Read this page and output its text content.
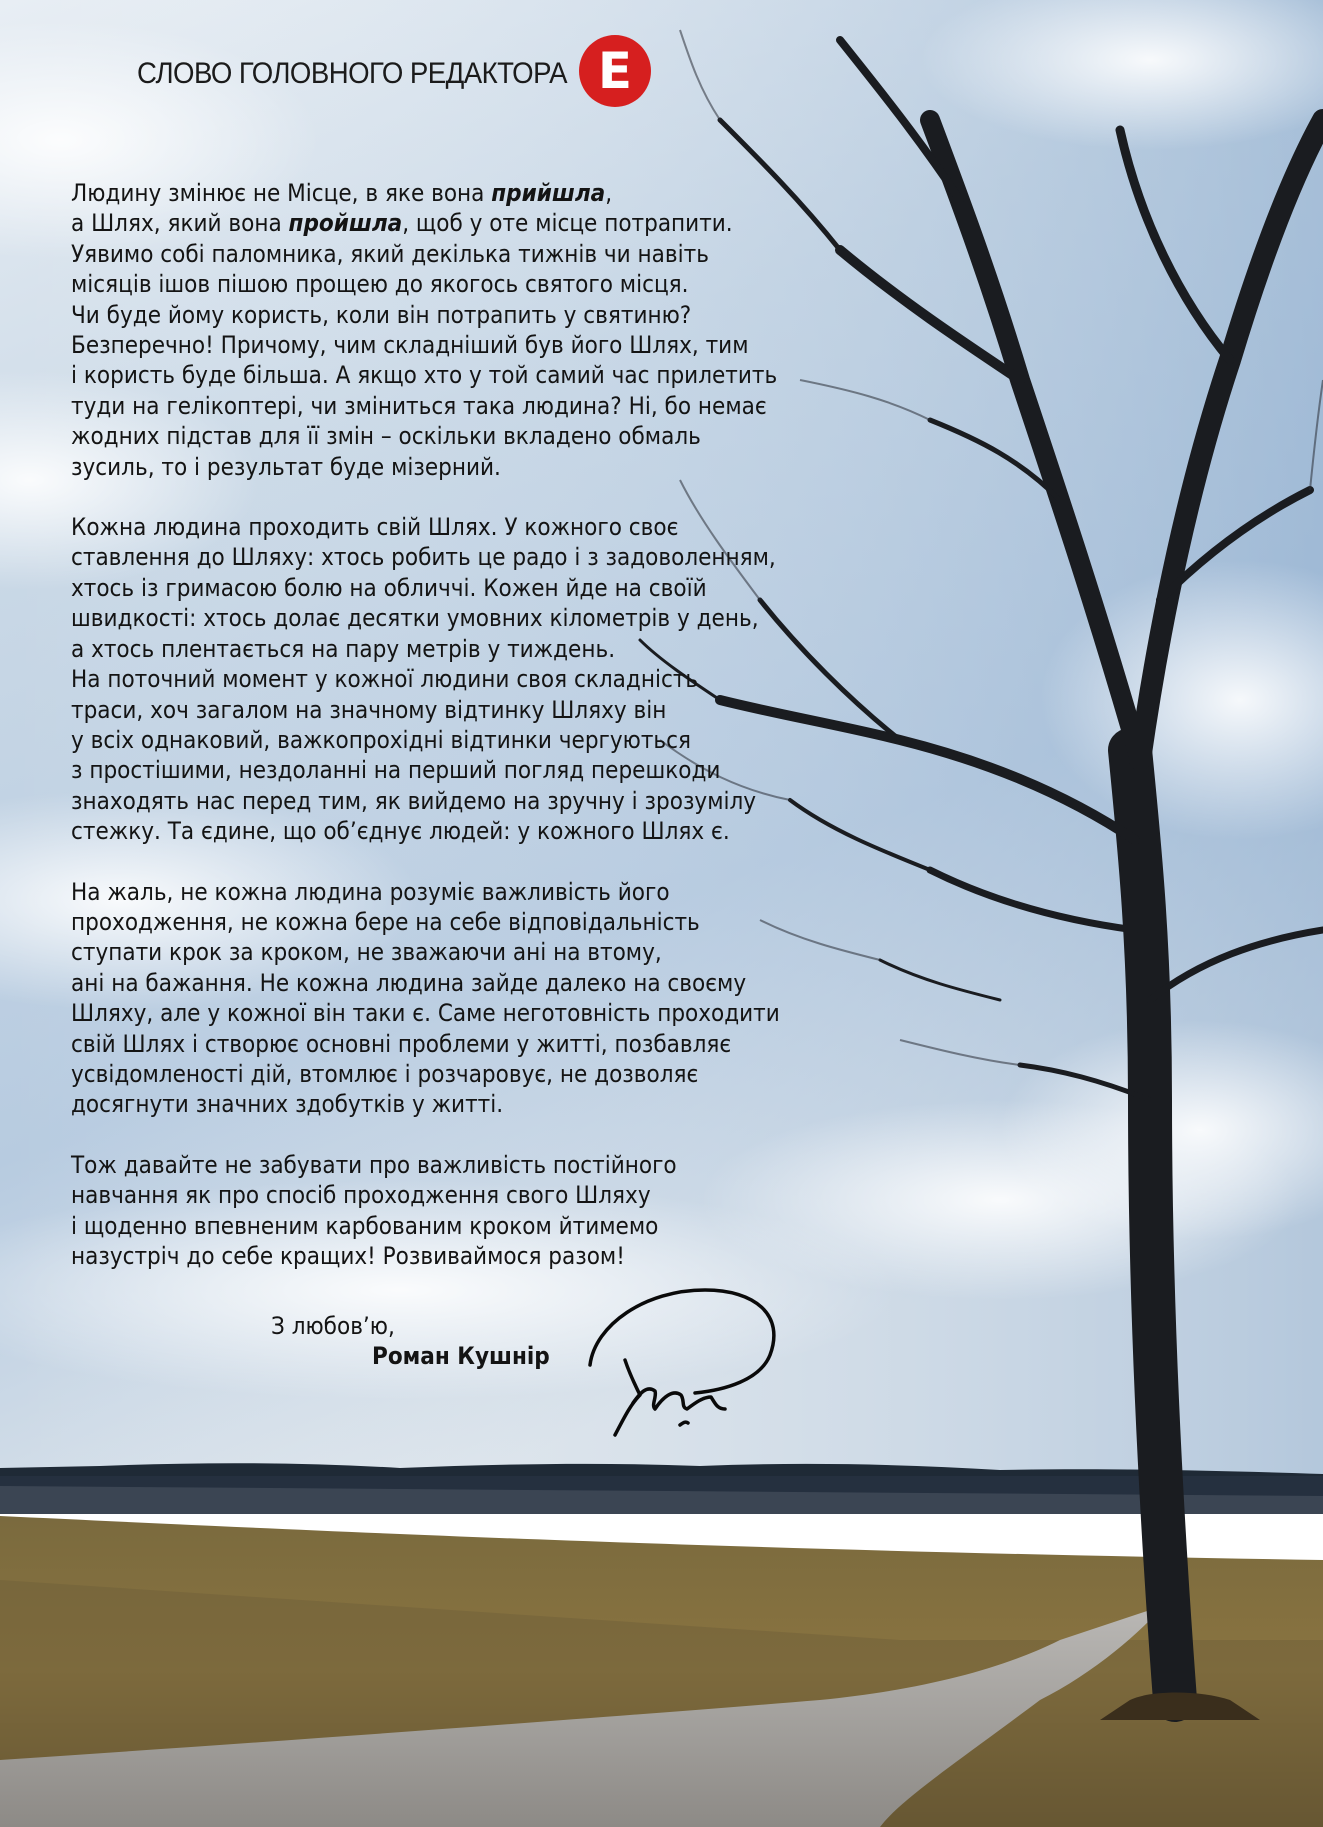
СЛОВО ГОЛОВНОГО РЕДАКТОРА Е
Людину змінює не Місце, в яке вона прийшла,
а Шлях, який вона пройшла, щоб у оте місце потрапити.
Уявимо собі паломника, який декілька тижнів чи навіть
місяців ішов пішою прощею до якогось святого місця.
Чи буде йому користь, коли він потрапить у святиню?
Безперечно! Причому, чим складніший був його Шлях, тим
і користь буде більша. А якщо хто у той самий час прилетить
туди на гелікоптері, чи зміниться така людина? Ні, бо немає
жодних підстав для її змін – оскільки вкладено обмаль
зусиль, то і результат буде мізерний.
Кожна людина проходить свій Шлях. У кожного своє
ставлення до Шляху: хтось робить це радо і з задоволенням,
хтось із гримасою болю на обличчі. Кожен йде на своїй
швидкості: хтось долає десятки умовних кілометрів у день,
а хтось плентається на пару метрів у тиждень.
На поточний момент у кожної людини своя складність
траси, хоч загалом на значному відтинку Шляху він
у всіх однаковий, важкопрохідні відтинки чергуються
з простішими, нездоланні на перший погляд перешкоди
знаходять нас перед тим, як вийдемо на зручну і зрозумілу
стежку. Та єдине, що об’єднує людей: у кожного Шлях є.
На жаль, не кожна людина розуміє важливість його
проходження, не кожна бере на себе відповідальність
ступати крок за кроком, не зважаючи ані на втому,
ані на бажання. Не кожна людина зайде далеко на своєму
Шляху, але у кожної він таки є. Саме неготовність проходити
свій Шлях і створює основні проблеми у житті, позбавляє
усвідомленості дій, втомлює і розчаровує, не дозволяє
досягнути значних здобутків у житті.
Тож давайте не забувати про важливість постійного
навчання як про спосіб проходження свого Шляху
і щоденно впевненим карбованим кроком йтимемо
назустріч до себе кращих! Розвиваймося разом!
З любов’ю,
Роман Кушнір
